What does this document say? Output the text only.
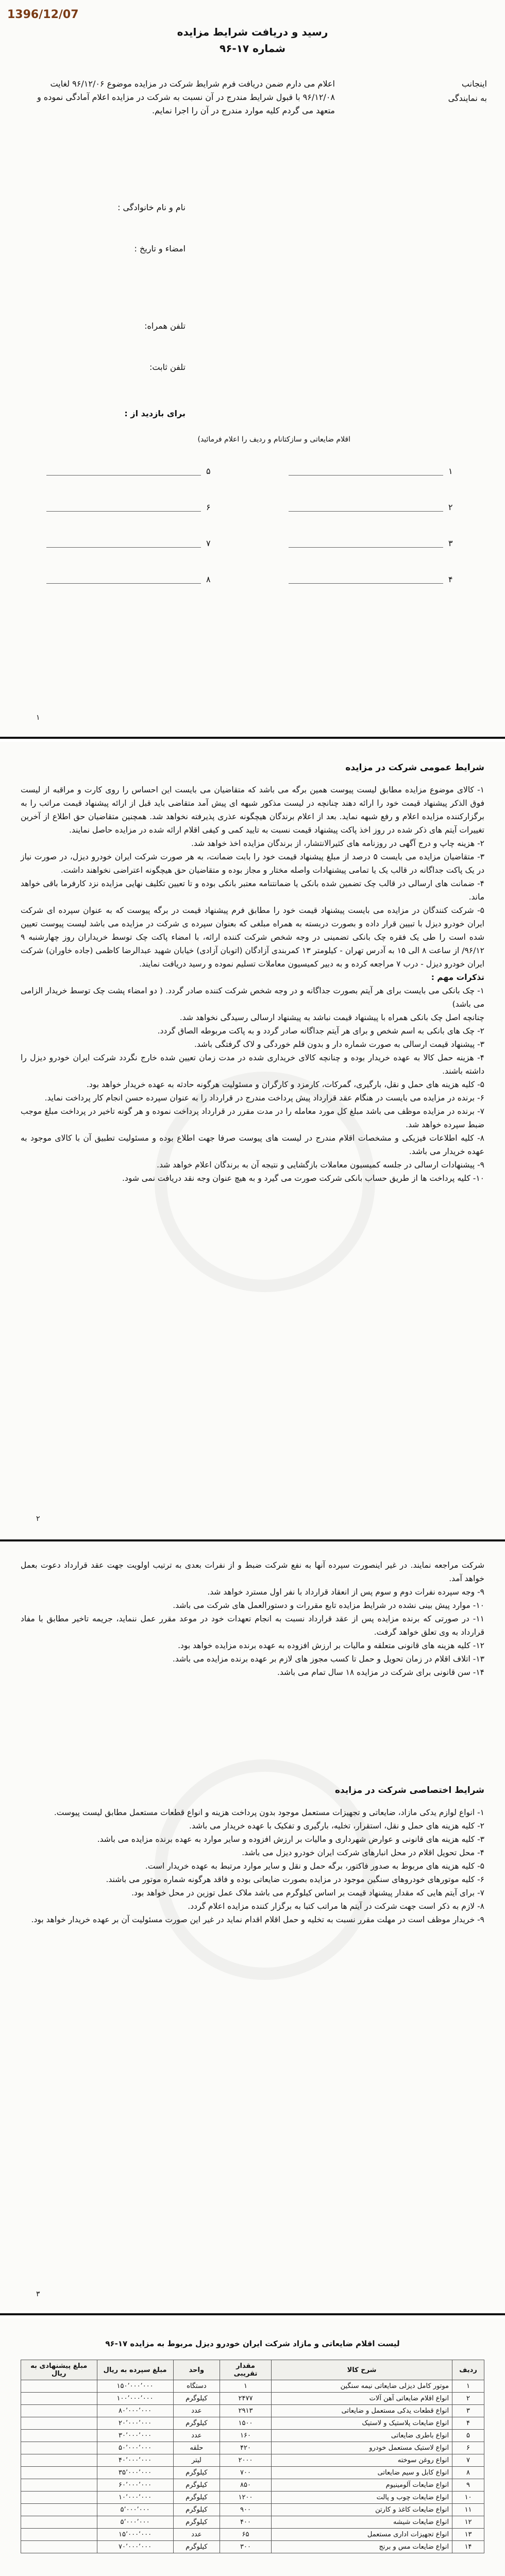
1396/12/07
رسید و دریافت شرایط مزایده
شماره ۱۷-۹۶
اینجانب
به نمایندگی
اعلام می دارم ضمن دریافت فرم شرایط شرکت در مزایده موضوع ۹۶/۱۲/۰۶ لغایت ۹۶/۱۲/۰۸ با قبول شرایط مندرج در آن نسبت به شرکت در مزایده اعلام آمادگی نموده و متعهد می گردم کلیه موارد مندرج در آن را اجرا نمایم.
نام و نام خانوادگی :
امضاء و تاریخ :
تلفن همراه:
تلفن ثابت:
برای بازدید از :
اقلام ضایعاتی و سازکتانام و ردیف را اعلام فرمائید)
۱
۲
۳
۴
۵
۶
۷
۸
۱
شرایط عمومی شرکت در مزایده
۱- کالای موضوع مزایده مطابق لیست پیوست همین برگه می باشد که متقاضیان می بایست این احساس را روی کارت و مراقبه از لیست فوق الذکر پیشنهاد قیمت خود را ارائه دهند چنانچه در لیست مذکور شبهه ای پیش آمد متقاضی باید قبل از ارائه پیشنهاد قیمت مراتب را به برگزارکننده مزایده اعلام و رفع شبهه نماید. بعد از اعلام برندگان هیچگونه عذری پذیرفته نخواهد شد. همچنین متقاضیان حق اطلاع از آخرین تغییرات آیتم های ذکر شده در روز اخذ پاکت پیشنهاد قیمت نسبت به تایید کمی و کیفی اقلام ارائه شده در مزایده حاصل نمایند.
۲- هزینه چاپ و درج آگهی در روزنامه های کثیرالانتشار، از برندگان مزایده اخذ خواهد شد.
۳- متقاضیان مزایده می بایست ۵ درصد از مبلغ پیشنهاد قیمت خود را بابت ضمانت، به هر صورت شرکت ایران خودرو دیزل، در صورت نیاز در یک پاکت جداگانه در قالب یک یا تمامی پیشنهادات واصله مختار و مجاز بوده و متقاضیان حق هیچگونه اعتراضی نخواهند داشت.
۴- ضمانت های ارسالی در قالب چک تضمین شده بانکی یا ضمانتنامه معتبر بانکی بوده و تا تعیین تکلیف نهایی مزایده نزد کارفرما باقی خواهد ماند.
۵- شرکت کنندگان در مزایده می بایست پیشنهاد قیمت خود را مطابق فرم پیشنهاد قیمت در برگه پیوست که به عنوان سپرده ای شرکت ایران خودرو دیزل با تبیین قرار داده و بصورت دربسته به همراه مبلغی که بعنوان سپرده ی شرکت در مزایده می باشد لیست پیوست تعیین شده است را طی یک فقره چک بانکی تضمینی در وجه شخص شرکت کننده ارائه، با امضاء پاکت چک توسط خریداران روز چهارشنبه ۹ ۹۶/۱۲/ از ساعت ۸ الی ۱۵ به آدرس تهران - کیلومتر ۱۳ کمربندی آزادگان (اتوبان آزادی) خیابان شهید عبدالرضا کاظمی (جاده خاوران) شرکت ایران خودرو دیزل - درب ۷ مراجعه کرده و به دبیر کمیسیون معاملات تسلیم نموده و رسید دریافت نمایند.
تذکرات مهم :
۱- چک بانکی می بایست برای هر آیتم بصورت جداگانه و در وجه شخص شرکت کننده صادر گردد. ( دو امضاء پشت چک توسط خریدار الزامی می باشد)
چنانچه اصل چک بانکی همراه با پیشنهاد قیمت نباشد به پیشنهاد ارسالی رسیدگی نخواهد شد.
۲- چک های بانکی به اسم شخص و برای هر آیتم جداگانه صادر گردد و به پاکت مربوطه الصاق گردد.
۳- پیشنهاد قیمت ارسالی به صورت شماره دار و بدون قلم خوردگی و لاک گرفتگی باشد.
۴- هزینه حمل کالا به عهده خریدار بوده و چنانچه کالای خریداری شده در مدت زمان تعیین شده خارج نگردد شرکت ایران خودرو دیزل را داشته باشند.
۵- کلیه هزینه های حمل و نقل، بارگیری، گمرکات، کارمزد و کارگران و مسئولیت هرگونه حادثه به عهده خریدار خواهد بود.
۶- برنده در مزایده می بایست در هنگام عقد قرارداد پیش پرداخت مندرج در قرارداد را به عنوان سپرده حسن انجام کار پرداخت نماید.
۷- برنده در مزایده موظف می باشد مبلغ کل مورد معامله را در مدت مقرر در قرارداد پرداخت نموده و هر گونه تاخیر در پرداخت مبلغ موجب ضبط سپرده خواهد شد.
۸- کلیه اطلاعات فیزیکی و مشخصات اقلام مندرج در لیست های پیوست صرفا جهت اطلاع بوده و مسئولیت تطبیق آن با کالای موجود به عهده خریدار می باشد.
۹- پیشنهادات ارسالی در جلسه کمیسیون معاملات بازگشایی و نتیجه آن به برندگان اعلام خواهد شد.
۱۰- کلیه پرداخت ها از طریق حساب بانکی شرکت صورت می گیرد و به هیچ عنوان وجه نقد دریافت نمی شود.
۲
شرکت مراجعه نمایند. در غیر اینصورت سپرده آنها به نفع شرکت ضبط و از نفرات بعدی به ترتیب اولویت جهت عقد قرارداد دعوت بعمل خواهد آمد.
۹- وجه سپرده نفرات دوم و سوم پس از انعقاد قرارداد با نفر اول مسترد خواهد شد.
۱۰- موارد پیش بینی نشده در شرایط مزایده تابع مقررات و دستورالعمل های شرکت می باشد.
۱۱- در صورتی که برنده مزایده پس از عقد قرارداد نسبت به انجام تعهدات خود در موعد مقرر عمل ننماید، جریمه تاخیر مطابق با مفاد قرارداد به وی تعلق خواهد گرفت.
۱۲- کلیه هزینه های قانونی متعلقه و مالیات بر ارزش افزوده به عهده برنده مزایده خواهد بود.
۱۳- اتلاف اقلام در زمان تحویل و حمل تا کسب مجوز های لازم بر عهده برنده مزایده می باشد.
۱۴- سن قانونی برای شرکت در مزایده ۱۸ سال تمام می باشد.
شرایط اختصاصی شرکت در مزایده
۱- انواع لوازم یدکی مازاد، ضایعاتی و تجهیزات مستعمل موجود بدون پرداخت هزینه و انواع قطعات مستعمل مطابق لیست پیوست.
۲- کلیه هزینه های حمل و نقل، استقرار، تخلیه، بارگیری و تفکیک با عهده خریدار می باشد.
۳- کلیه هزینه های قانونی و عوارض شهرداری و مالیات بر ارزش افزوده و سایر موارد به عهده برنده مزایده می باشد.
۴- محل تحویل اقلام در محل انبارهای شرکت ایران خودرو دیزل می باشد.
۵- کلیه هزینه های مربوط به صدور فاکتور، برگه حمل و نقل و سایر موارد مرتبط به عهده خریدار است.
۶- کلیه موتورهای خودروهای سنگین موجود در مزایده بصورت ضایعاتی بوده و فاقد هرگونه شماره موتور می باشند.
۷- برای آیتم هایی که مقدار پیشنهاد قیمت بر اساس کیلوگرم می باشد ملاک عمل توزین در محل خواهد بود.
۸- لازم به ذکر است جهت شرکت در آیتم ها مراتب کتبا به برگزار کننده مزایده اعلام گردد.
۹- خریدار موظف است در مهلت مقرر نسبت به تخلیه و حمل اقلام اقدام نماید در غیر این صورت مسئولیت آن بر عهده خریدار خواهد بود.
۳
لیست اقلام ضایعاتی و مازاد شرکت ایران خودرو دیزل مربوط به مزایده ۱۷-۹۶
ردیف	شرح کالا	مقدار تقریبی	واحد	مبلغ سپرده به ریال	مبلغ پیشنهادی به ریال
۱	موتور کامل دیزلی ضایعاتی نیمه سنگین	۱	دستگاه	۱۵۰٬۰۰۰٬۰۰۰	
۲	انواع اقلام ضایعاتی آهن آلات	۲۴۷۷	کیلوگرم	۱۰۰٬۰۰۰٬۰۰۰	
۳	انواع قطعات یدکی مستعمل و ضایعاتی	۲۹۱۳	عدد	۸۰٬۰۰۰٬۰۰۰	
۴	انواع ضایعات پلاستیک و لاستیک	۱۵۰۰	کیلوگرم	۲۰٬۰۰۰٬۰۰۰	
۵	انواع باطری ضایعاتی	۱۶۰	عدد	۳۰٬۰۰۰٬۰۰۰	
۶	انواع لاستیک مستعمل خودرو	۴۲۰	حلقه	۵۰٬۰۰۰٬۰۰۰	
۷	انواع روغن سوخته	۲۰۰۰	لیتر	۴۰٬۰۰۰٬۰۰۰	
۸	انواع کابل و سیم ضایعاتی	۷۰۰	کیلوگرم	۳۵٬۰۰۰٬۰۰۰	
۹	انواع ضایعات آلومینیوم	۸۵۰	کیلوگرم	۶۰٬۰۰۰٬۰۰۰	
۱۰	انواع ضایعات چوب و پالت	۱۲۰۰	کیلوگرم	۱۰٬۰۰۰٬۰۰۰	
۱۱	انواع ضایعات کاغذ و کارتن	۹۰۰	کیلوگرم	۵٬۰۰۰٬۰۰۰	
۱۲	انواع ضایعات شیشه	۴۰۰	کیلوگرم	۵٬۰۰۰٬۰۰۰	
۱۳	انواع تجهیزات اداری مستعمل	۶۵	عدد	۱۵٬۰۰۰٬۰۰۰	
۱۴	انواع ضایعات مس و برنج	۳۰۰	کیلوگرم	۷۰٬۰۰۰٬۰۰۰	
